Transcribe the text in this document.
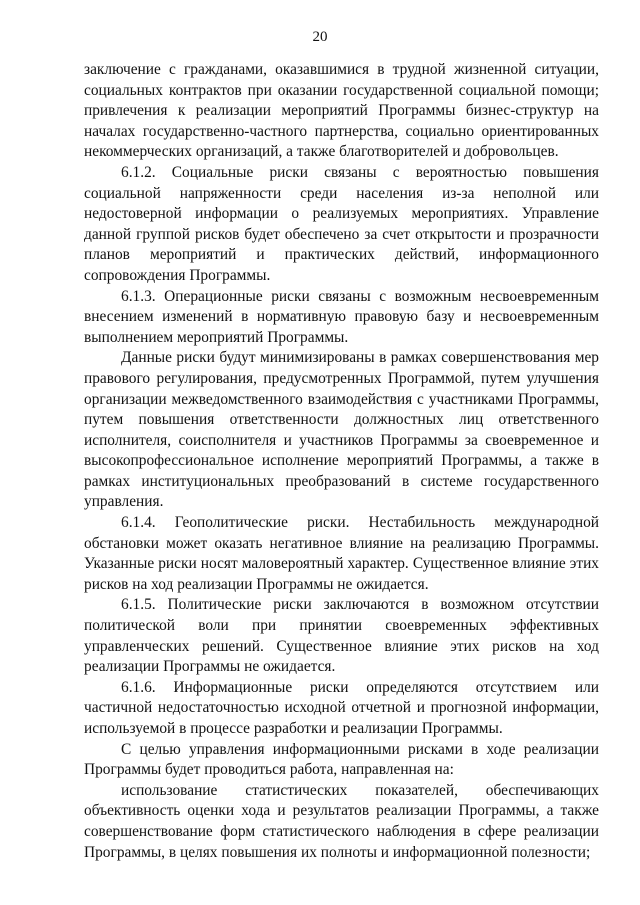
20

заключение с гражданами, оказавшимися в трудной жизненной ситуации, социальных контрактов при оказании государственной социальной помощи; привлечения к реализации мероприятий Программы бизнес-структур на началах государственно-частного партнерства, социально ориентированных некоммерческих организаций, а также благотворителей и добровольцев.

6.1.2. Социальные риски связаны с вероятностью повышения социальной напряженности среди населения из-за неполной или недостоверной информации о реализуемых мероприятиях. Управление данной группой рисков будет обеспечено за счет открытости и прозрачности планов мероприятий и практических действий, информационного сопровождения Программы.

6.1.3. Операционные риски связаны с возможным несвоевременным внесением изменений в нормативную правовую базу и несвоевременным выполнением мероприятий Программы.

Данные риски будут минимизированы в рамках совершенствования мер правового регулирования, предусмотренных Программой, путем улучшения организации межведомственного взаимодействия с участниками Программы, путем повышения ответственности должностных лиц ответственного исполнителя, соисполнителя и участников Программы за своевременное и высокопрофессиональное исполнение мероприятий Программы, а также в рамках институциональных преобразований в системе государственного управления.

6.1.4. Геополитические риски. Нестабильность международной обстановки может оказать негативное влияние на реализацию Программы. Указанные риски носят маловероятный характер. Существенное влияние этих рисков на ход реализации Программы не ожидается.

6.1.5. Политические риски заключаются в возможном отсутствии политической воли при принятии своевременных эффективных управленческих решений. Существенное влияние этих рисков на ход реализации Программы не ожидается.

6.1.6. Информационные риски определяются отсутствием или частичной недостаточностью исходной отчетной и прогнозной информации, используемой в процессе разработки и реализации Программы.

С целью управления информационными рисками в ходе реализации Программы будет проводиться работа, направленная на:

использование статистических показателей, обеспечивающих объективность оценки хода и результатов реализации Программы, а также совершенствование форм статистического наблюдения в сфере реализации Программы, в целях повышения их полноты и информационной полезности;
